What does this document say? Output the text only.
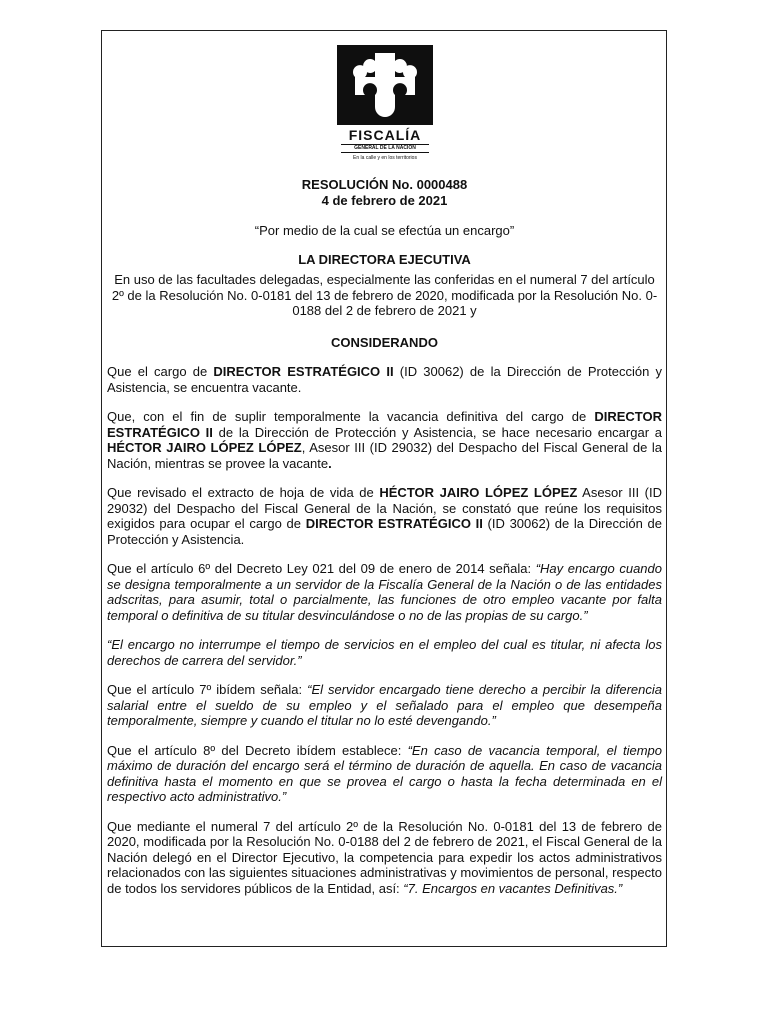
FISCALÍA
GENERAL DE LA NACIÓN
En la calle y en los territorios
RESOLUCIÓN No. 0000488
4 de febrero de 2021
“Por medio de la cual se efectúa un encargo”
LA DIRECTORA EJECUTIVA
En uso de las facultades delegadas, especialmente las conferidas en el numeral 7 del artículo 2º de la Resolución No. 0-0181 del 13 de febrero de 2020, modificada por la Resolución No. 0-0188 del 2 de febrero de 2021 y
CONSIDERANDO

Que el cargo de DIRECTOR ESTRATÉGICO II (ID 30062) de la Dirección de Protección y Asistencia, se encuentra vacante.

Que, con el fin de suplir temporalmente la vacancia definitiva del cargo de DIRECTOR ESTRATÉGICO II de la Dirección de Protección y Asistencia, se hace necesario encargar a HÉCTOR JAIRO LÓPEZ LÓPEZ, Asesor III (ID 29032) del Despacho del Fiscal General de la Nación, mientras se provee la vacante.

Que revisado el extracto de hoja de vida de HÉCTOR JAIRO LÓPEZ LÓPEZ Asesor III (ID 29032) del Despacho del Fiscal General de la Nación, se constató que reúne los requisitos exigidos para ocupar el cargo de DIRECTOR ESTRATÉGICO II (ID 30062) de la Dirección de Protección y Asistencia.

Que el artículo 6º del Decreto Ley 021 del 09 de enero de 2014 señala: “Hay encargo cuando se designa temporalmente a un servidor de la Fiscalía General de la Nación o de las entidades adscritas, para asumir, total o parcialmente, las funciones de otro empleo vacante por falta temporal o definitiva de su titular desvinculándose o no de las propias de su cargo.”

“El encargo no interrumpe el tiempo de servicios en el empleo del cual es titular, ni afecta los derechos de carrera del servidor.”

Que el artículo 7º ibídem señala: “El servidor encargado tiene derecho a percibir la diferencia salarial entre el sueldo de su empleo y el señalado para el empleo que desempeña temporalmente, siempre y cuando el titular no lo esté devengando.”

Que el artículo 8º del Decreto ibídem establece: “En caso de vacancia temporal, el tiempo máximo de duración del encargo será el término de duración de aquella. En caso de vacancia definitiva hasta el momento en que se provea el cargo o hasta la fecha determinada en el respectivo acto administrativo.”

Que mediante el numeral 7 del artículo 2º de la Resolución No. 0-0181 del 13 de febrero de 2020, modificada por la Resolución No. 0-0188 del 2 de febrero de 2021, el Fiscal General de la Nación delegó en el Director Ejecutivo, la competencia para expedir los actos administrativos relacionados con las siguientes situaciones administrativas y movimientos de personal, respecto de todos los servidores públicos de la Entidad, así: “7. Encargos en vacantes Definitivas.”
